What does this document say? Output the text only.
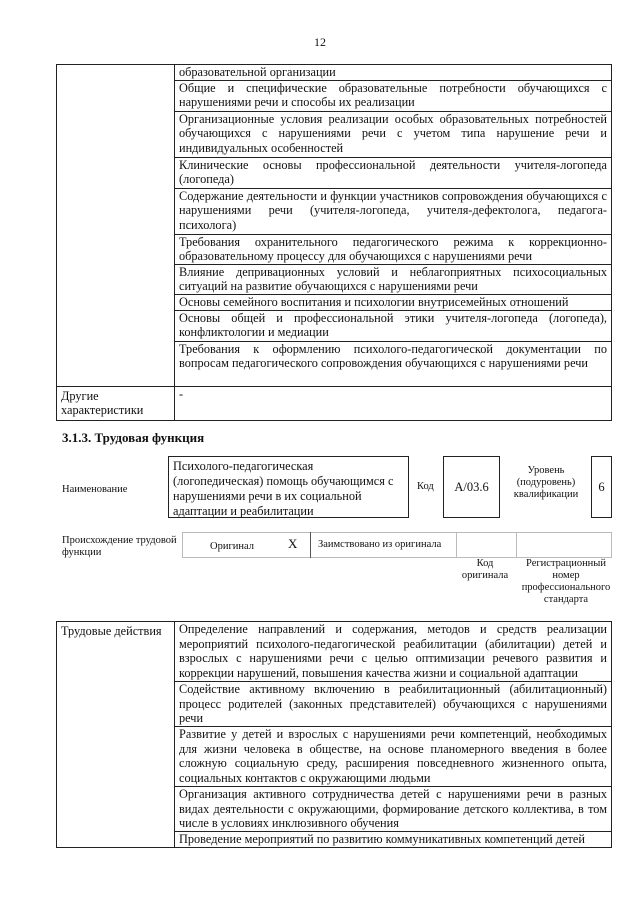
12
	образовательной организации
	Общие и специфические образовательные потребности обучающихся с нарушениями речи и способы их реализации
	Организационные условия реализации особых образовательных потребностей обучающихся с нарушениями речи с учетом типа нарушение речи и индивидуальных особенностей
	Клинические основы профессиональной деятельности учителя-логопеда (логопеда)
	Содержание деятельности и функции участников сопровождения обучающихся с нарушениями речи (учителя-логопеда, учителя-дефектолога, педагога-психолога)
	Требования охранительного педагогического режима к коррекционно-образовательному процессу для обучающихся с нарушениями речи
	Влияние депривационных условий и неблагоприятных психосоциальных ситуаций на развитие обучающихся с нарушениями речи
	Основы семейного воспитания и психологии внутрисемейных отношений
	Основы общей и профессиональной этики учителя-логопеда (логопеда), конфликтологии и медиации
	Требования к оформлению психолого-педагогической документации по вопросам педагогического сопровождения обучающихся с нарушениями речи
Другие характеристики	-
3.1.3. Трудовая функция
Наименование
Психолого-педагогическая (логопедическая) помощь обучающимся с нарушениями речи в их социальной адаптации и реабилитации
Код	А/03.6
Уровень (подуровень) квалификации
6
Происхождение трудовой функции
Оригинал	X Заимствовано из оригинала
Код оригинала
Регистрационный номер профессионального стандарта
Трудовые действия	Определение направлений и содержания, методов и средств реализации мероприятий психолого-педагогической реабилитации (абилитации) детей и взрослых с нарушениями речи с целью оптимизации речевого развития и коррекции нарушений, повышения качества жизни и социальной адаптации
Содействие активному включению в реабилитационный (абилитационный) процесс родителей (законных представителей) обучающихся с нарушениями речи
Развитие у детей и взрослых с нарушениями речи компетенций, необходимых для жизни человека в обществе, на основе планомерного введения в более сложную социальную среду, расширения повседневного жизненного опыта, социальных контактов с окружающими людьми
Организация активного сотрудничества детей с нарушениями речи в разных видах деятельности с окружающими, формирование детского коллектива, в том числе в условиях инклюзивного обучения
Проведение мероприятий по развитию коммуникативных компетенций детей
